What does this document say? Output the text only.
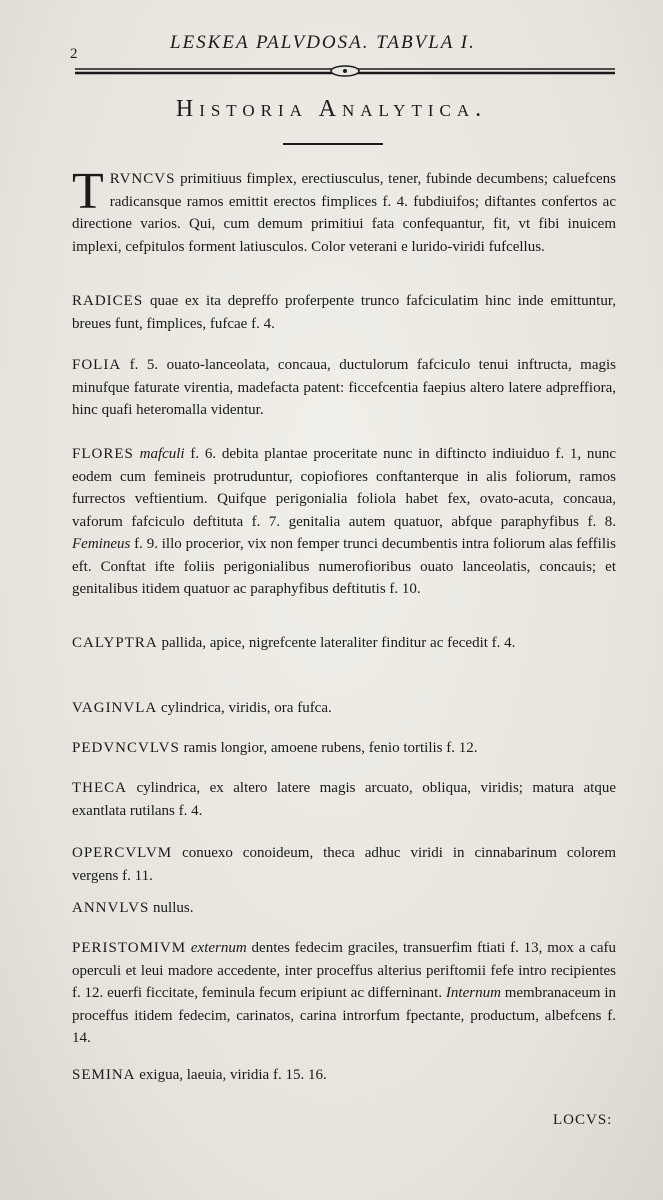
2
LESKEA PALVDOSA. TABVLA I.
Historia Analytica.
TRVNCVS primitiuus fimplex, erectiusculus, tener, fubinde decumbens; caluefcens radicansque ramos emittit erectos fimplices f. 4. fubdiuifos; diftantes confertos ac directione varios. Qui, cum demum primitiui fata confequantur, fit, vt fibi inuicem implexi, cefpitulos forment latiusculos. Color veterani e lurido-viridi fufcellus.
RADICES quae ex ita depreffo proferpente trunco fafciculatim hinc inde emittuntur, breues funt, fimplices, fufcae f. 4.
FOLIA f. 5. ouato-lanceolata, concaua, ductulorum fafciculo tenui inftructa, magis minufque faturate virentia, madefacta patent: ficcefcentia faepius altero latere adpreffiora, hinc quafi heteromalla videntur.
FLORES mafculi f. 6. debita plantae proceritate nunc in diftincto indiuiduo f. 1, nunc eodem cum femineis protruduntur, copiofiores conftanterque in alis foliorum, ramos furrectos veftientium. Quifque perigonialia foliola habet fex, ovato-acuta, concaua, vaforum fafciculo deftituta f. 7. genitalia autem quatuor, abfque paraphyfibus f. 8. Femineus f. 9. illo procerior, vix non femper trunci decumbentis intra foliorum alas feffilis eft. Conftat ifte foliis perigonialibus numerofioribus ouato lanceolatis, concauis; et genitalibus itidem quatuor ac paraphyfibus deftitutis f. 10.
CALYPTRA pallida, apice, nigrefcente lateraliter finditur ac fecedit f. 4.
VAGINVLA cylindrica, viridis, ora fufca.
PEDVNCVLVS ramis longior, amoene rubens, fenio tortilis f. 12.
THECA cylindrica, ex altero latere magis arcuato, obliqua, viridis; matura atque exantlata rutilans f. 4.
OPERCVLVM conuexo conoideum, theca adhuc viridi in cinnabarinum colorem vergens f. 11.
ANNVLVS nullus.
PERISTOMIVM externum dentes fedecim graciles, transuerfim ftiati f. 13, mox a cafu operculi et leui madore accedente, inter proceffus alterius periftomii fefe intro recipientes f. 12. euerfi ficcitate, feminula fecum eripiunt ac differninant. Internum membranaceum in proceffus itidem fedecim, carinatos, carina introrfum fpectante, productum, albefcens f. 14.
SEMINA exigua, laeuia, viridia f. 15. 16.
LOCVS:
